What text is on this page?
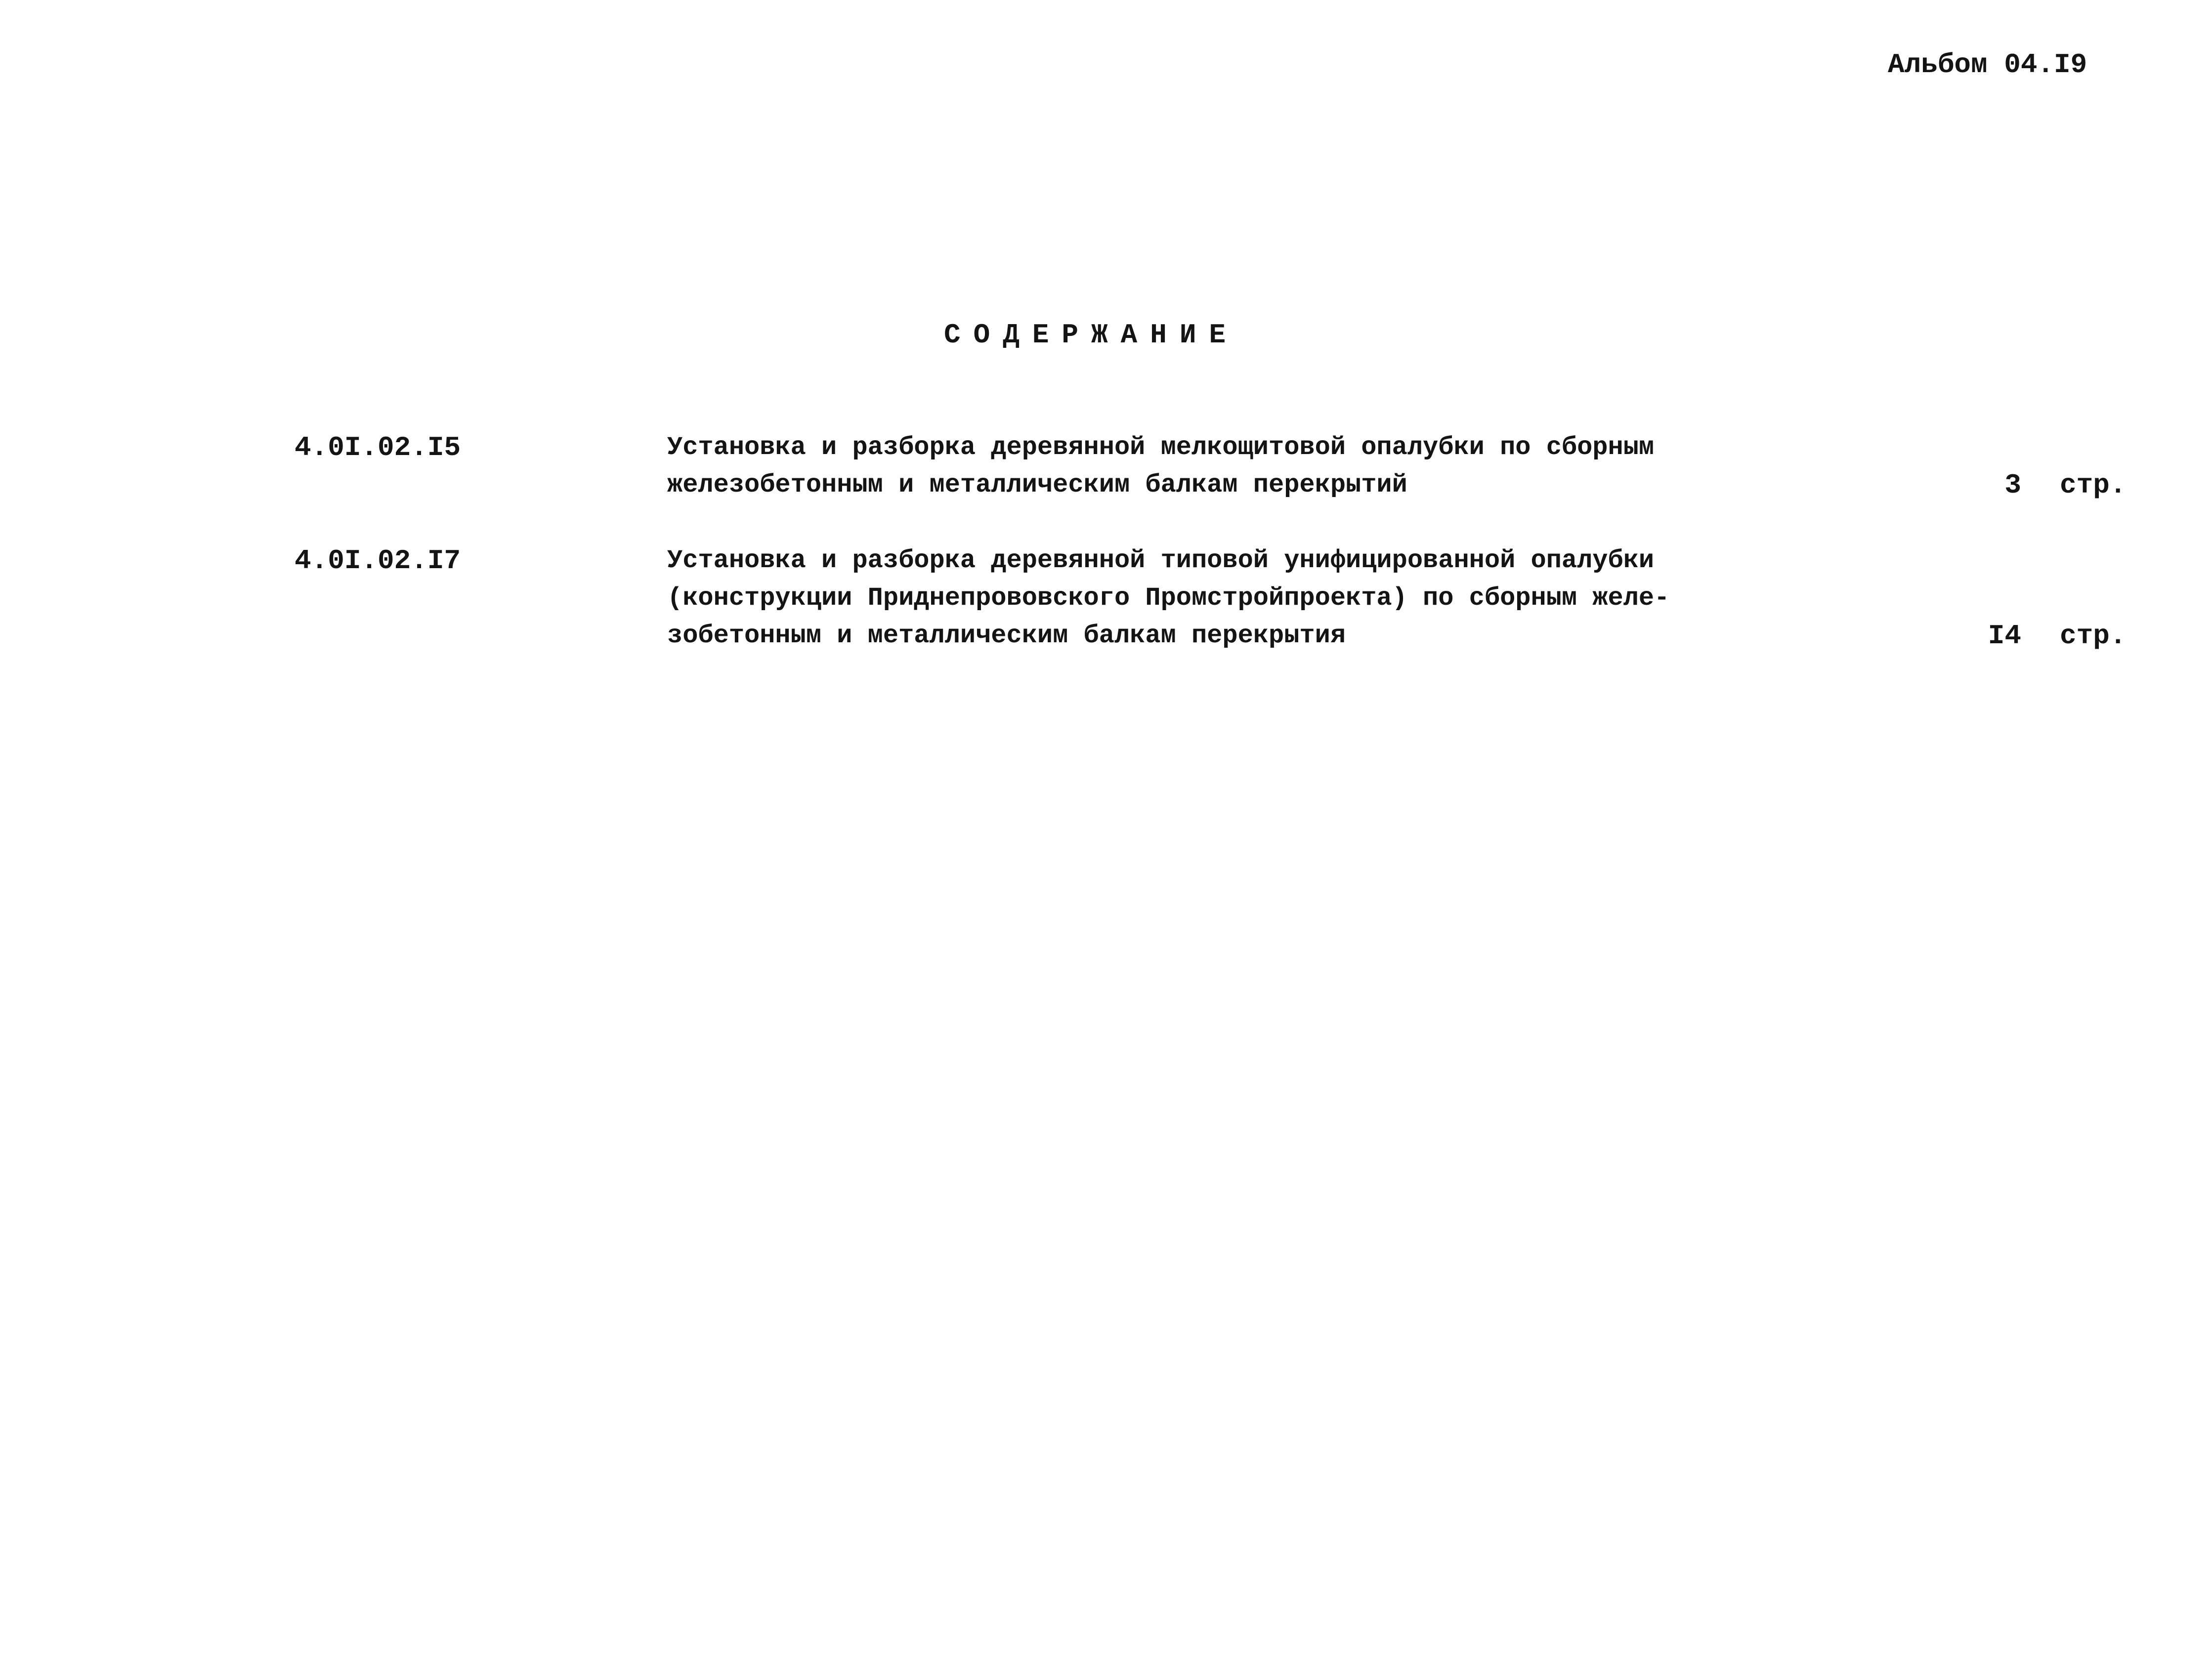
Альбом 04.I9
СОДЕРЖАНИЕ
4.0I.02.I5	Установка и разборка деревянной мелкощитовой опалубки по сборным
железобетонным и металлическим балкам перекрытий	3 стр.
4.0I.02.I7	Установка и разборка деревянной типовой унифицированной опалубки
(конструкции Приднепрововского Промстройпроекта) по сборным желе-
зобетонным и металлическим балкам перекрытия	I4 стр.
